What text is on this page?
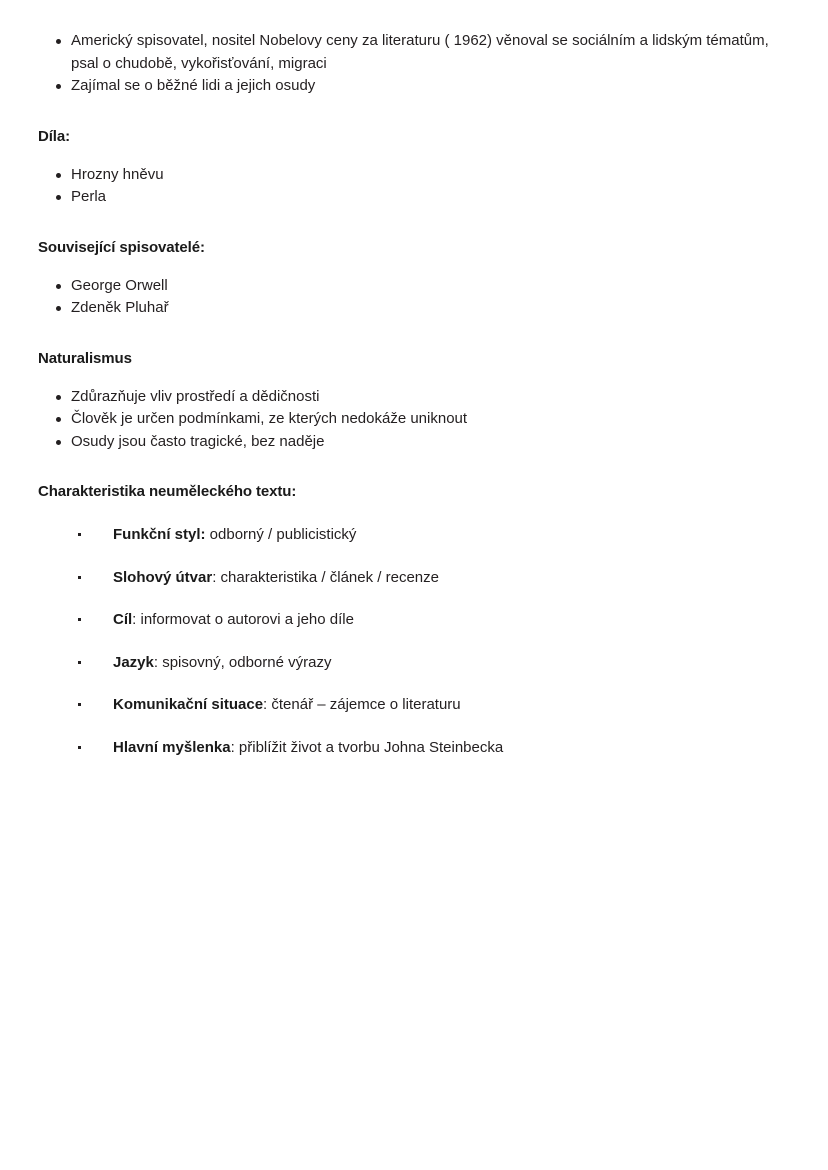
Americký spisovatel, nositel Nobelovy ceny za literaturu ( 1962) věnoval se sociálním a lidským tématům, psal o chudobě, vykořisťování, migraci
Zajímal se o běžné lidi a jejich osudy

Díla:

Hrozny hněvu
Perla

Související spisovatelé:

George Orwell
Zdeněk Pluhař

Naturalismus

Zdůrazňuje vliv prostředí a dědičnosti
Člověk je určen podmínkami, ze kterých nedokáže uniknout
Osudy jsou často tragické, bez naděje

Charakteristika neuměleckého textu:

Funkční styl: odborný / publicistický
Slohový útvar: charakteristika / článek / recenze
Cíl: informovat o autorovi a jeho díle
Jazyk: spisovný, odborné výrazy
Komunikační situace: čtenář – zájemce o literaturu
Hlavní myšlenka: přiblížit život a tvorbu Johna Steinbecka
